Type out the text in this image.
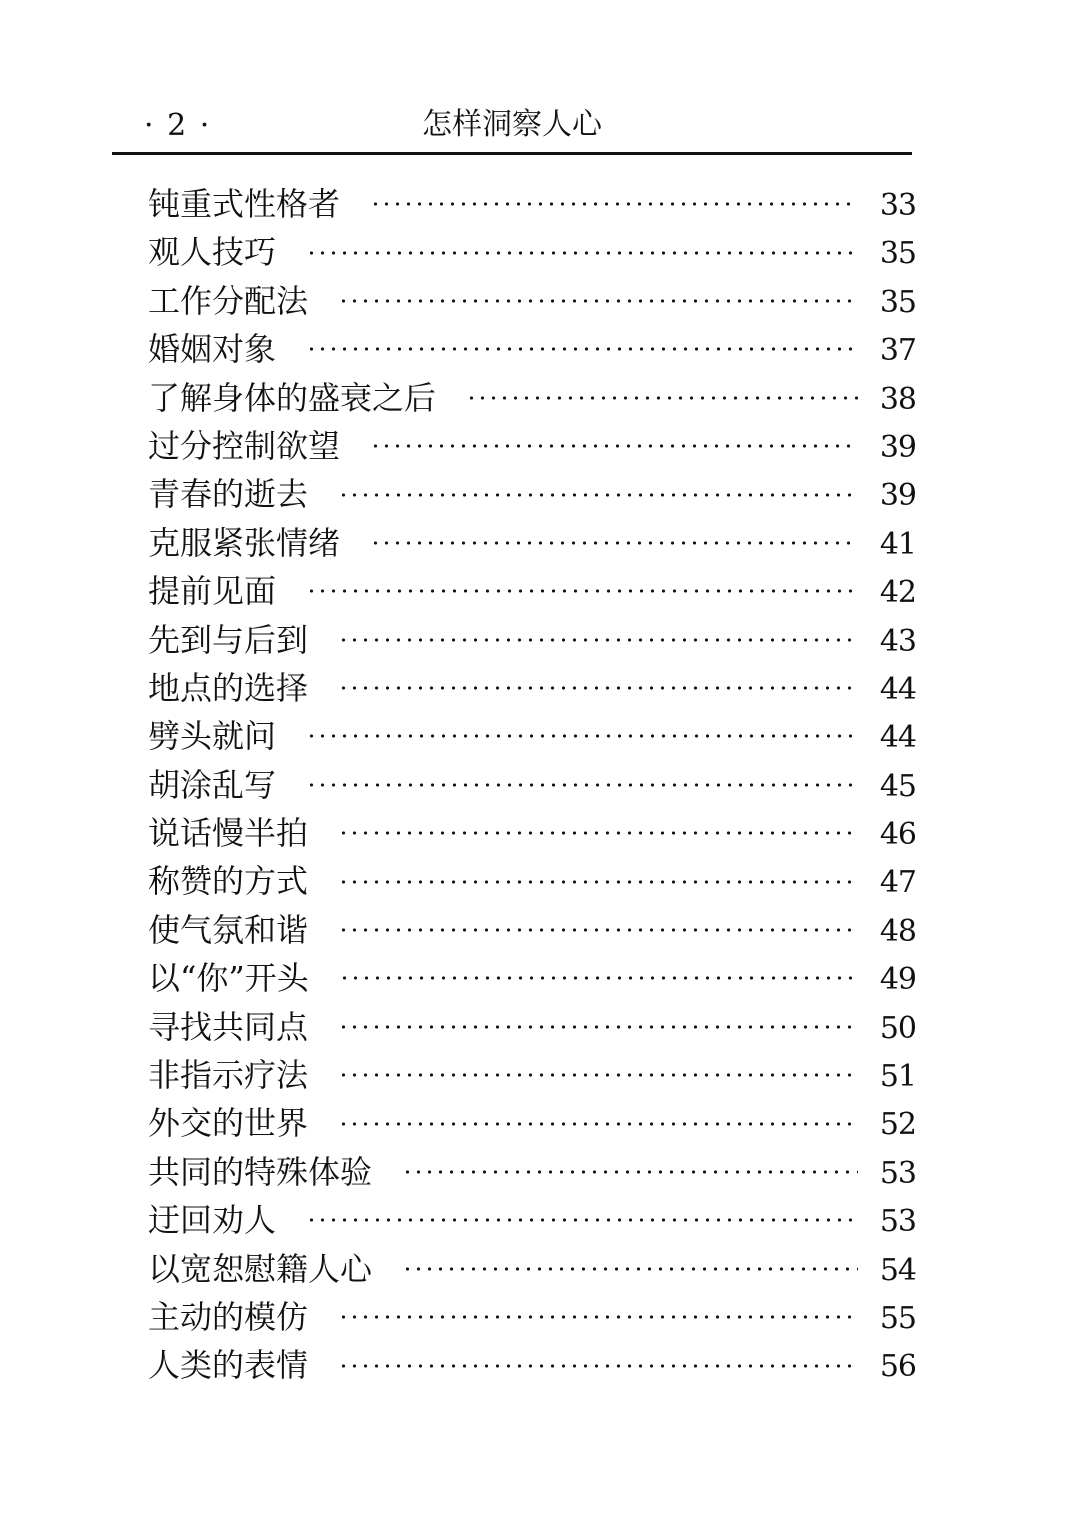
· 2 ·	怎样洞察人心
钝重式性格者	33
观人技巧	35
工作分配法	35
婚姻对象	37
了解身体的盛衰之后	38
过分控制欲望	39
青春的逝去	39
克服紧张情绪	41
提前见面	42
先到与后到	43
地点的选择	44
劈头就问	44
胡涂乱写	45
说话慢半拍	46
称赞的方式	47
使气氛和谐	48
以“你”开头	49
寻找共同点	50
非指示疗法	51
外交的世界	52
共同的特殊体验	53
迂回劝人	53
以宽恕慰籍人心	54
主动的模仿	55
人类的表情	56
